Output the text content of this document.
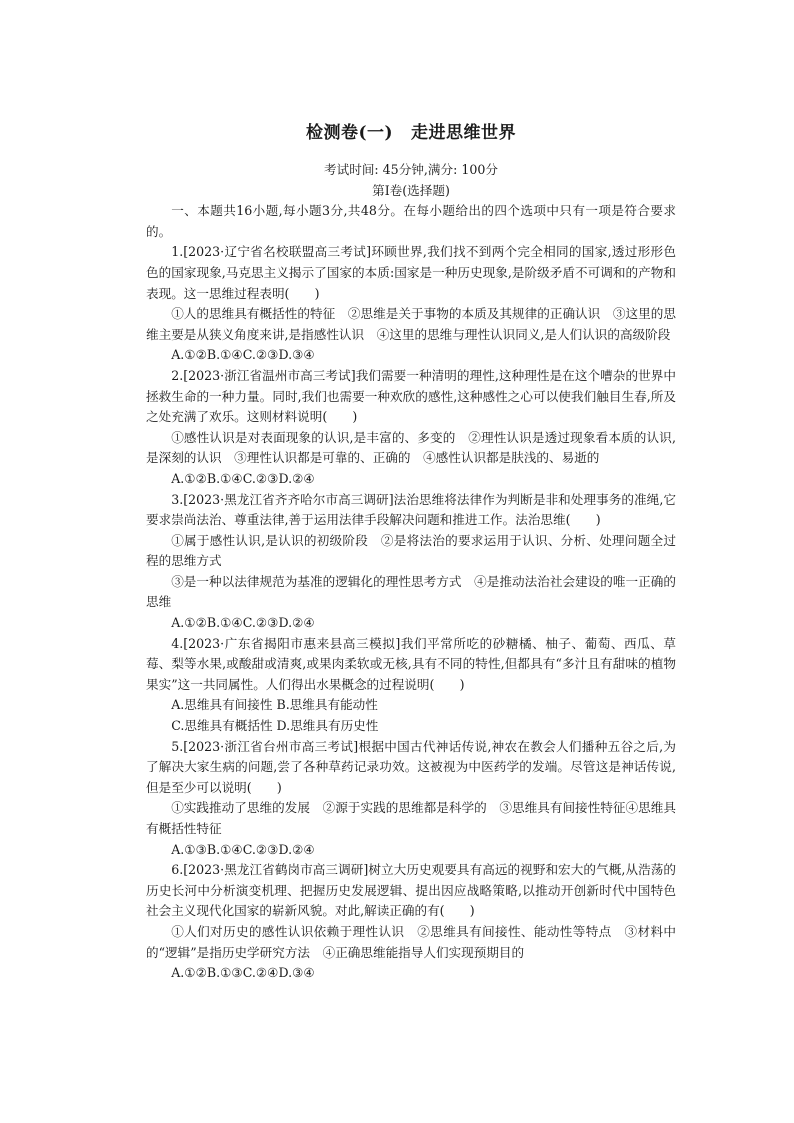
检测卷(一) 走进思维世界

考试时间: 45分钟,满分: 100分

第Ⅰ卷(选择题)

一、本题共16小题,每小题3分,共48分。在每小题给出的四个选项中只有一项是符合要求的。

1.[2023·辽宁省名校联盟高三考试]环顾世界,我们找不到两个完全相同的国家,透过形形色色的国家现象,马克思主义揭示了国家的本质:国家是一种历史现象,是阶级矛盾不可调和的产物和表现。这一思维过程表明(　　)

①人的思维具有概括性的特征　②思维是关于事物的本质及其规律的正确认识　③这里的思维主要是从狭义角度来讲,是指感性认识　④这里的思维与理性认识同义,是人们认识的高级阶段

A.①②B.①④C.②③D.③④

2.[2023·浙江省温州市高三考试]我们需要一种清明的理性,这种理性是在这个嘈杂的世界中拯救生命的一种力量。同时,我们也需要一种欢欣的感性,这种感性之心可以使我们触目生春,所及之处充满了欢乐。这则材料说明(　　)

①感性认识是对表面现象的认识,是丰富的、多变的　②理性认识是透过现象看本质的认识,是深刻的认识　③理性认识都是可靠的、正确的　④感性认识都是肤浅的、易逝的

A.①②B.①④C.②③D.②④

3.[2023·黑龙江省齐齐哈尔市高三调研]法治思维将法律作为判断是非和处理事务的准绳,它要求崇尚法治、尊重法律,善于运用法律手段解决问题和推进工作。法治思维(　　)

①属于感性认识,是认识的初级阶段　②是将法治的要求运用于认识、分析、处理问题全过程的思维方式

③是一种以法律规范为基准的逻辑化的理性思考方式　④是推动法治社会建设的唯一正确的思维

A.①②B.①④C.②③D.②④

4.[2023·广东省揭阳市惠来县高三模拟]我们平常所吃的砂糖橘、柚子、葡萄、西瓜、草莓、梨等水果,或酸甜或清爽,或果肉柔软或无核,具有不同的特性,但都具有“多汁且有甜味的植物果实”这一共同属性。人们得出水果概念的过程说明(　　)

A.思维具有间接性 B.思维具有能动性

C.思维具有概括性 D.思维具有历史性

5.[2023·浙江省台州市高三考试]根据中国古代神话传说,神农在教会人们播种五谷之后,为了解决大家生病的问题,尝了各种草药记录功效。这被视为中医药学的发端。尽管这是神话传说,但是至少可以说明(　　)

①实践推动了思维的发展　②源于实践的思维都是科学的　③思维具有间接性特征④思维具有概括性特征

A.①③B.①④C.②③D.②④

6.[2023·黑龙江省鹤岗市高三调研]树立大历史观要具有高远的视野和宏大的气概,从浩荡的历史长河中分析演变机理、把握历史发展逻辑、提出因应战略策略,以推动开创新时代中国特色社会主义现代化国家的崭新风貌。对此,解读正确的有(　　)

①人们对历史的感性认识依赖于理性认识　②思维具有间接性、能动性等特点　③材料中的“逻辑”是指历史学研究方法　④正确思维能指导人们实现预期目的

A.①②B.①③C.②④D.③④
